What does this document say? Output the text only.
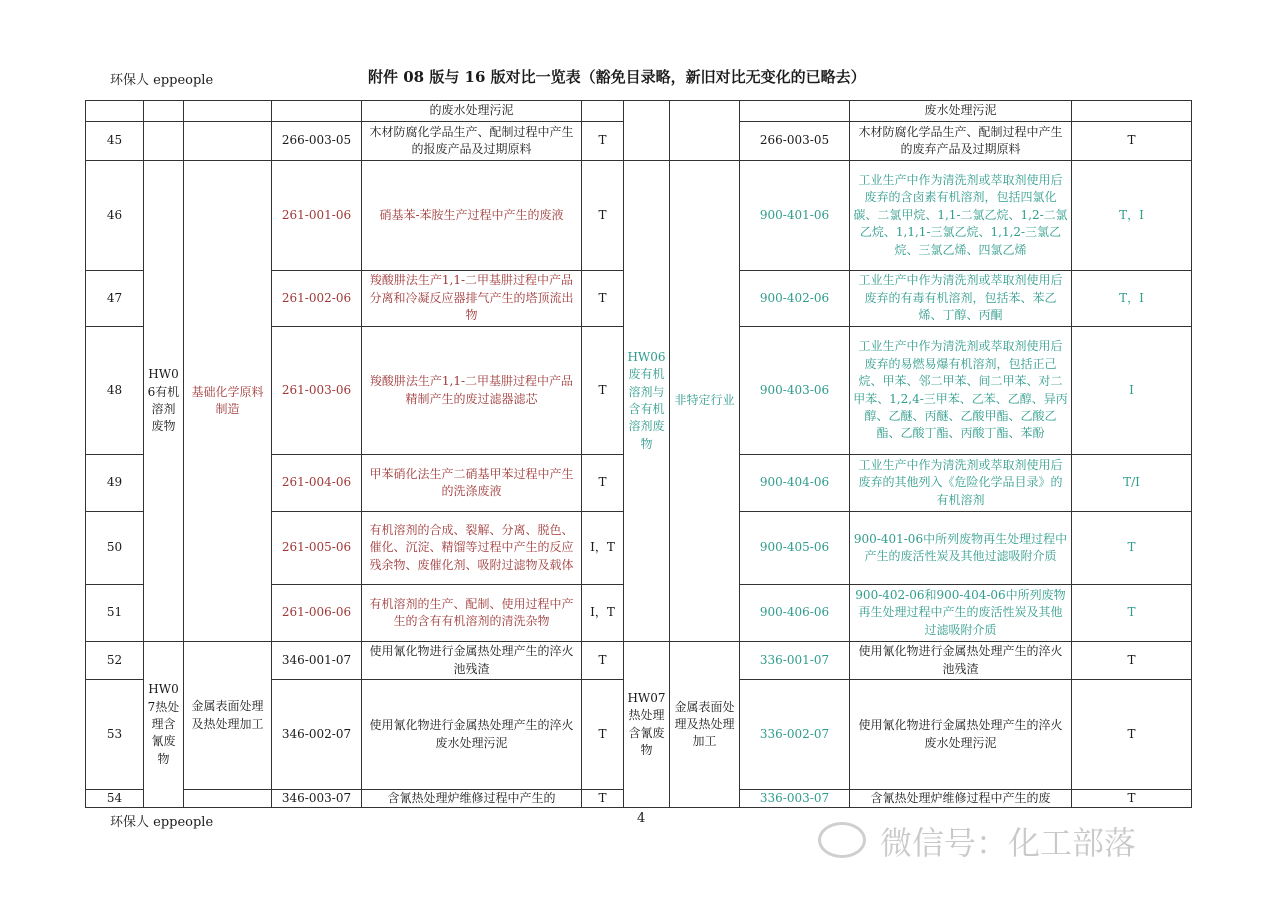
环保人 eppeople	附件 08 版与 16 版对比一览表（豁免目录略，新旧对比无变化的已略去）
				的废水处理污泥					废水处理污泥	
45			266-003-05	木材防腐化学品生产、配制过程中产生的报废产品及过期原料	T			266-003-05	木材防腐化学品生产、配制过程中产生的废弃产品及过期原料	T
46	HW06有机溶剂废物	基础化学原料制造	261-001-06	硝基苯-苯胺生产过程中产生的废液	T	HW06废有机溶剂与含有机溶剂废物	非特定行业	900-401-06	工业生产中作为清洗剂或萃取剂使用后废弃的含卤素有机溶剂，包括四氯化碳、二氯甲烷、1,1-二氯乙烷、1,2-二氯乙烷、1,1,1-三氯乙烷、1,1,2-三氯乙烷、三氯乙烯、四氯乙烯	T，I
47			261-002-06	羧酸肼法生产1,1-二甲基肼过程中产品分离和冷凝反应器排气产生的塔顶流出物	T			900-402-06	工业生产中作为清洗剂或萃取剂使用后废弃的有毒有机溶剂，包括苯、苯乙烯、丁醇、丙酮	T，I
48			261-003-06	羧酸肼法生产1,1-二甲基肼过程中产品精制产生的废过滤器滤芯	T			900-403-06	工业生产中作为清洗剂或萃取剂使用后废弃的易燃易爆有机溶剂，包括正己烷、甲苯、邻二甲苯、间二甲苯、对二甲苯、1,2,4-三甲苯、乙苯、乙醇、异丙醇、乙醚、丙醚、乙酸甲酯、乙酸乙酯、乙酸丁酯、丙酸丁酯、苯酚	I
49			261-004-06	甲苯硝化法生产二硝基甲苯过程中产生的洗涤废液	T			900-404-06	工业生产中作为清洗剂或萃取剂使用后废弃的其他列入《危险化学品目录》的有机溶剂	T/I
50			261-005-06	有机溶剂的合成、裂解、分离、脱色、催化、沉淀、精馏等过程中产生的反应残余物、废催化剂、吸附过滤物及载体	I，T			900-405-06	900-401-06中所列废物再生处理过程中产生的废活性炭及其他过滤吸附介质	T
51			261-006-06	有机溶剂的生产、配制、使用过程中产生的含有有机溶剂的清洗杂物	I，T			900-406-06	900-402-06和900-404-06中所列废物再生处理过程中产生的废活性炭及其他过滤吸附介质	T
52	HW07热处理含氰废物	金属表面处理及热处理加工	346-001-07	使用氰化物进行金属热处理产生的淬火池残渣	T	HW07热处理含氰废物	金属表面处理及热处理加工	336-001-07	使用氰化物进行金属热处理产生的淬火池残渣	T
53			346-002-07	使用氰化物进行金属热处理产生的淬火废水处理污泥	T			336-002-07	使用氰化物进行金属热处理产生的淬火废水处理污泥	T
54			346-003-07	含氰热处理炉维修过程中产生的	T			336-003-07	含氰热处理炉维修过程中产生的废	T
环保人 eppeople	4
微信号：化工部落
